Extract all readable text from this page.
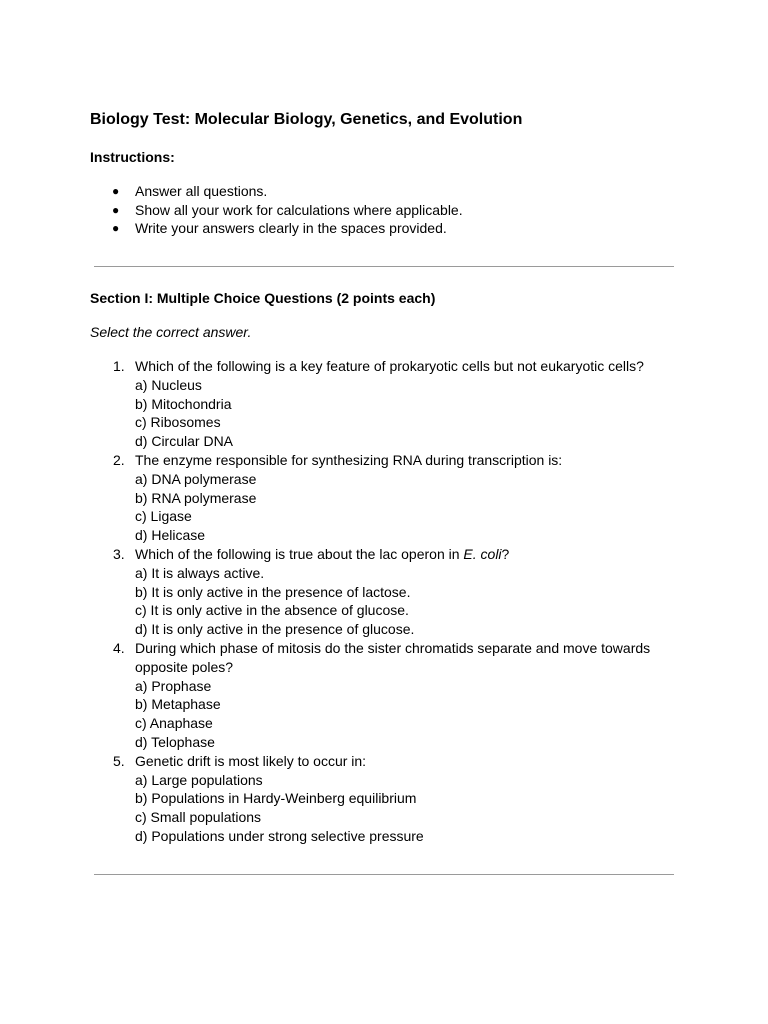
Biology Test: Molecular Biology, Genetics, and Evolution
Instructions:
● Answer all questions.
● Show all your work for calculations where applicable.
● Write your answers clearly in the spaces provided.
Section I: Multiple Choice Questions (2 points each)
Select the correct answer.
1. Which of the following is a key feature of prokaryotic cells but not eukaryotic cells?
a) Nucleus
b) Mitochondria
c) Ribosomes
d) Circular DNA
2. The enzyme responsible for synthesizing RNA during transcription is:
a) DNA polymerase
b) RNA polymerase
c) Ligase
d) Helicase
3. Which of the following is true about the lac operon in E. coli?
a) It is always active.
b) It is only active in the presence of lactose.
c) It is only active in the absence of glucose.
d) It is only active in the presence of glucose.
4. During which phase of mitosis do the sister chromatids separate and move towards opposite poles?
a) Prophase
b) Metaphase
c) Anaphase
d) Telophase
5. Genetic drift is most likely to occur in:
a) Large populations
b) Populations in Hardy-Weinberg equilibrium
c) Small populations
d) Populations under strong selective pressure
